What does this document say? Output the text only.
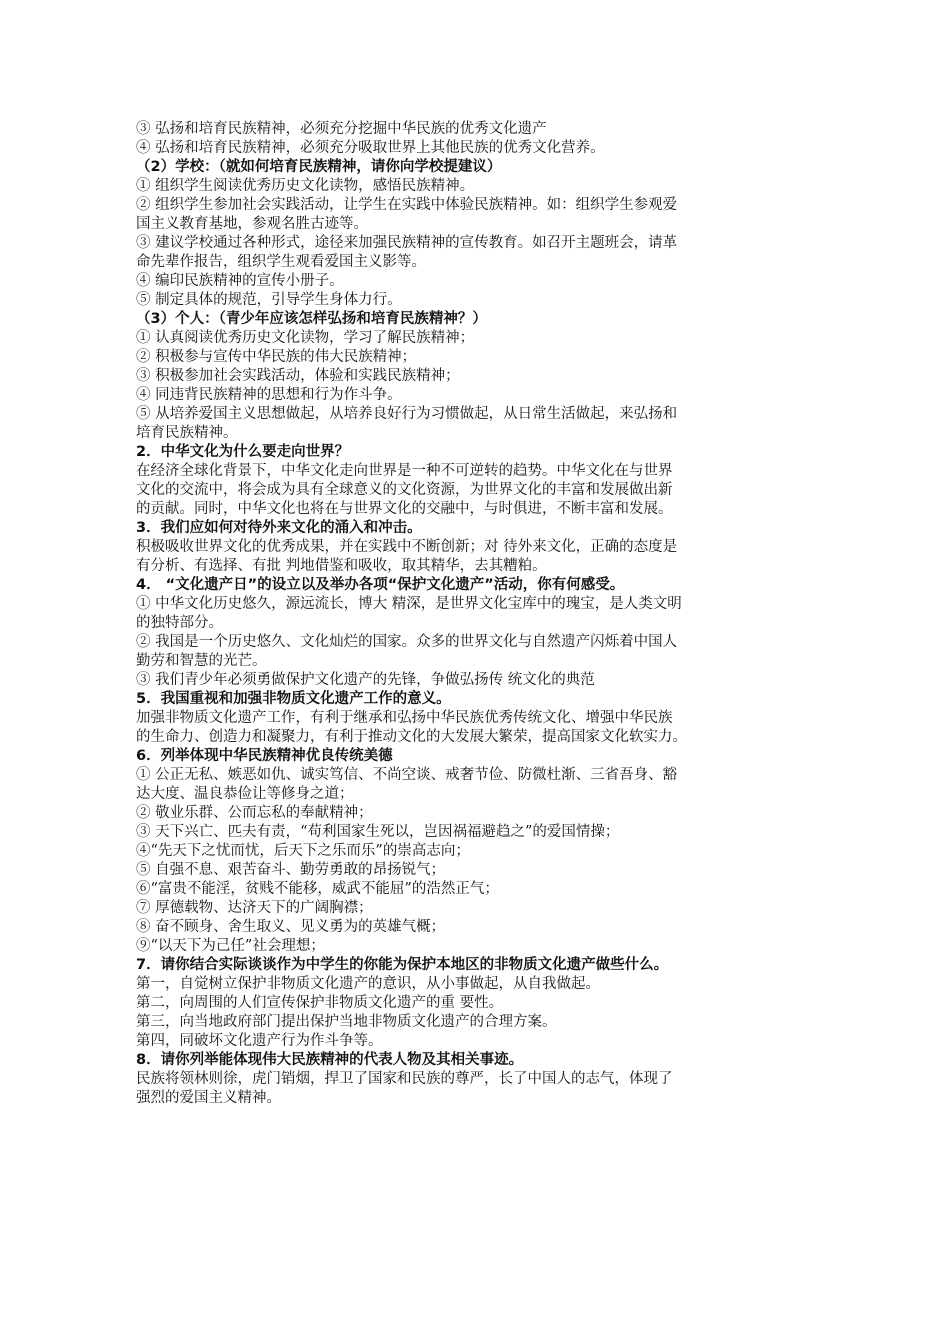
③ 弘扬和培育民族精神，必须充分挖掘中华民族的优秀文化遗产
④ 弘扬和培育民族精神，必须充分吸取世界上其他民族的优秀文化营养。
（2）学校：（就如何培育民族精神，请你向学校提建议）
① 组织学生阅读优秀历史文化读物，感悟民族精神。
② 组织学生参加社会实践活动，让学生在实践中体验民族精神。如：组织学生参观爱
国主义教育基地，参观名胜古迹等。
③ 建议学校通过各种形式，途径来加强民族精神的宣传教育。如召开主题班会，请革
命先辈作报告，组织学生观看爱国主义影等。
④ 编印民族精神的宣传小册子。
⑤ 制定具体的规范，引导学生身体力行。
（3）个人：（青少年应该怎样弘扬和培育民族精神？）
① 认真阅读优秀历史文化读物，学习了解民族精神；
② 积极参与宣传中华民族的伟大民族精神；
③ 积极参加社会实践活动，体验和实践民族精神；
④ 同违背民族精神的思想和行为作斗争。
⑤ 从培养爱国主义思想做起，从培养良好行为习惯做起，从日常生活做起，来弘扬和
培育民族精神。
2．中华文化为什么要走向世界？
在经济全球化背景下，中华文化走向世界是一种不可逆转的趋势。中华文化在与世界
文化的交流中，将会成为具有全球意义的文化资源，为世界文化的丰富和发展做出新
的贡献。同时，中华文化也将在与世界文化的交融中，与时俱进，不断丰富和发展。
3．我们应如何对待外来文化的涌入和冲击。
积极吸收世界文化的优秀成果，并在实践中不断创新；对 待外来文化，正确的态度是
有分析、有选择、有批 判地借鉴和吸收，取其精华，去其糟粕。
4． “文化遗产日”的设立以及举办各项“保护文化遗产”活动，你有何感受。
① 中华文化历史悠久，源远流长，博大 精深，是世界文化宝库中的瑰宝，是人类文明
的独特部分。
② 我国是一个历史悠久、文化灿烂的国家。众多的世界文化与自然遗产闪烁着中国人
勤劳和智慧的光芒。
③ 我们青少年必须勇做保护文化遗产的先锋，争做弘扬传 统文化的典范
5．我国重视和加强非物质文化遗产工作的意义。
加强非物质文化遗产工作，有利于继承和弘扬中华民族优秀传统文化、增强中华民族
的生命力、创造力和凝聚力，有利于推动文化的大发展大繁荣，提高国家文化软实力。
6．列举体现中华民族精神优良传统美德
① 公正无私、嫉恶如仇、诚实笃信、不尚空谈、戒奢节俭、防微杜渐、三省吾身、豁
达大度、温良恭俭让等修身之道；
② 敬业乐群、公而忘私的奉献精神；
③ 天下兴亡、匹夫有责，“苟利国家生死以，岂因祸福避趋之”的爱国情操；
④“先天下之忧而忧，后天下之乐而乐”的崇高志向；
⑤ 自强不息、艰苦奋斗、勤劳勇敢的昂扬锐气；
⑥“富贵不能淫，贫贱不能移，威武不能屈”的浩然正气；
⑦ 厚德载物、达济天下的广阔胸襟；
⑧ 奋不顾身、舍生取义、见义勇为的英雄气概；
⑨“以天下为己任”社会理想；
7．请你结合实际谈谈作为中学生的你能为保护本地区的非物质文化遗产做些什么。
第一，自觉树立保护非物质文化遗产的意识，从小事做起，从自我做起。
第二，向周围的人们宣传保护非物质文化遗产的重 要性。
第三，向当地政府部门提出保护当地非物质文化遗产的合理方案。
第四，同破坏文化遗产行为作斗争等。
8．请你列举能体现伟大民族精神的代表人物及其相关事迹。
民族将领林则徐，虎门销烟，捍卫了国家和民族的尊严，长了中国人的志气，体现了
强烈的爱国主义精神。
